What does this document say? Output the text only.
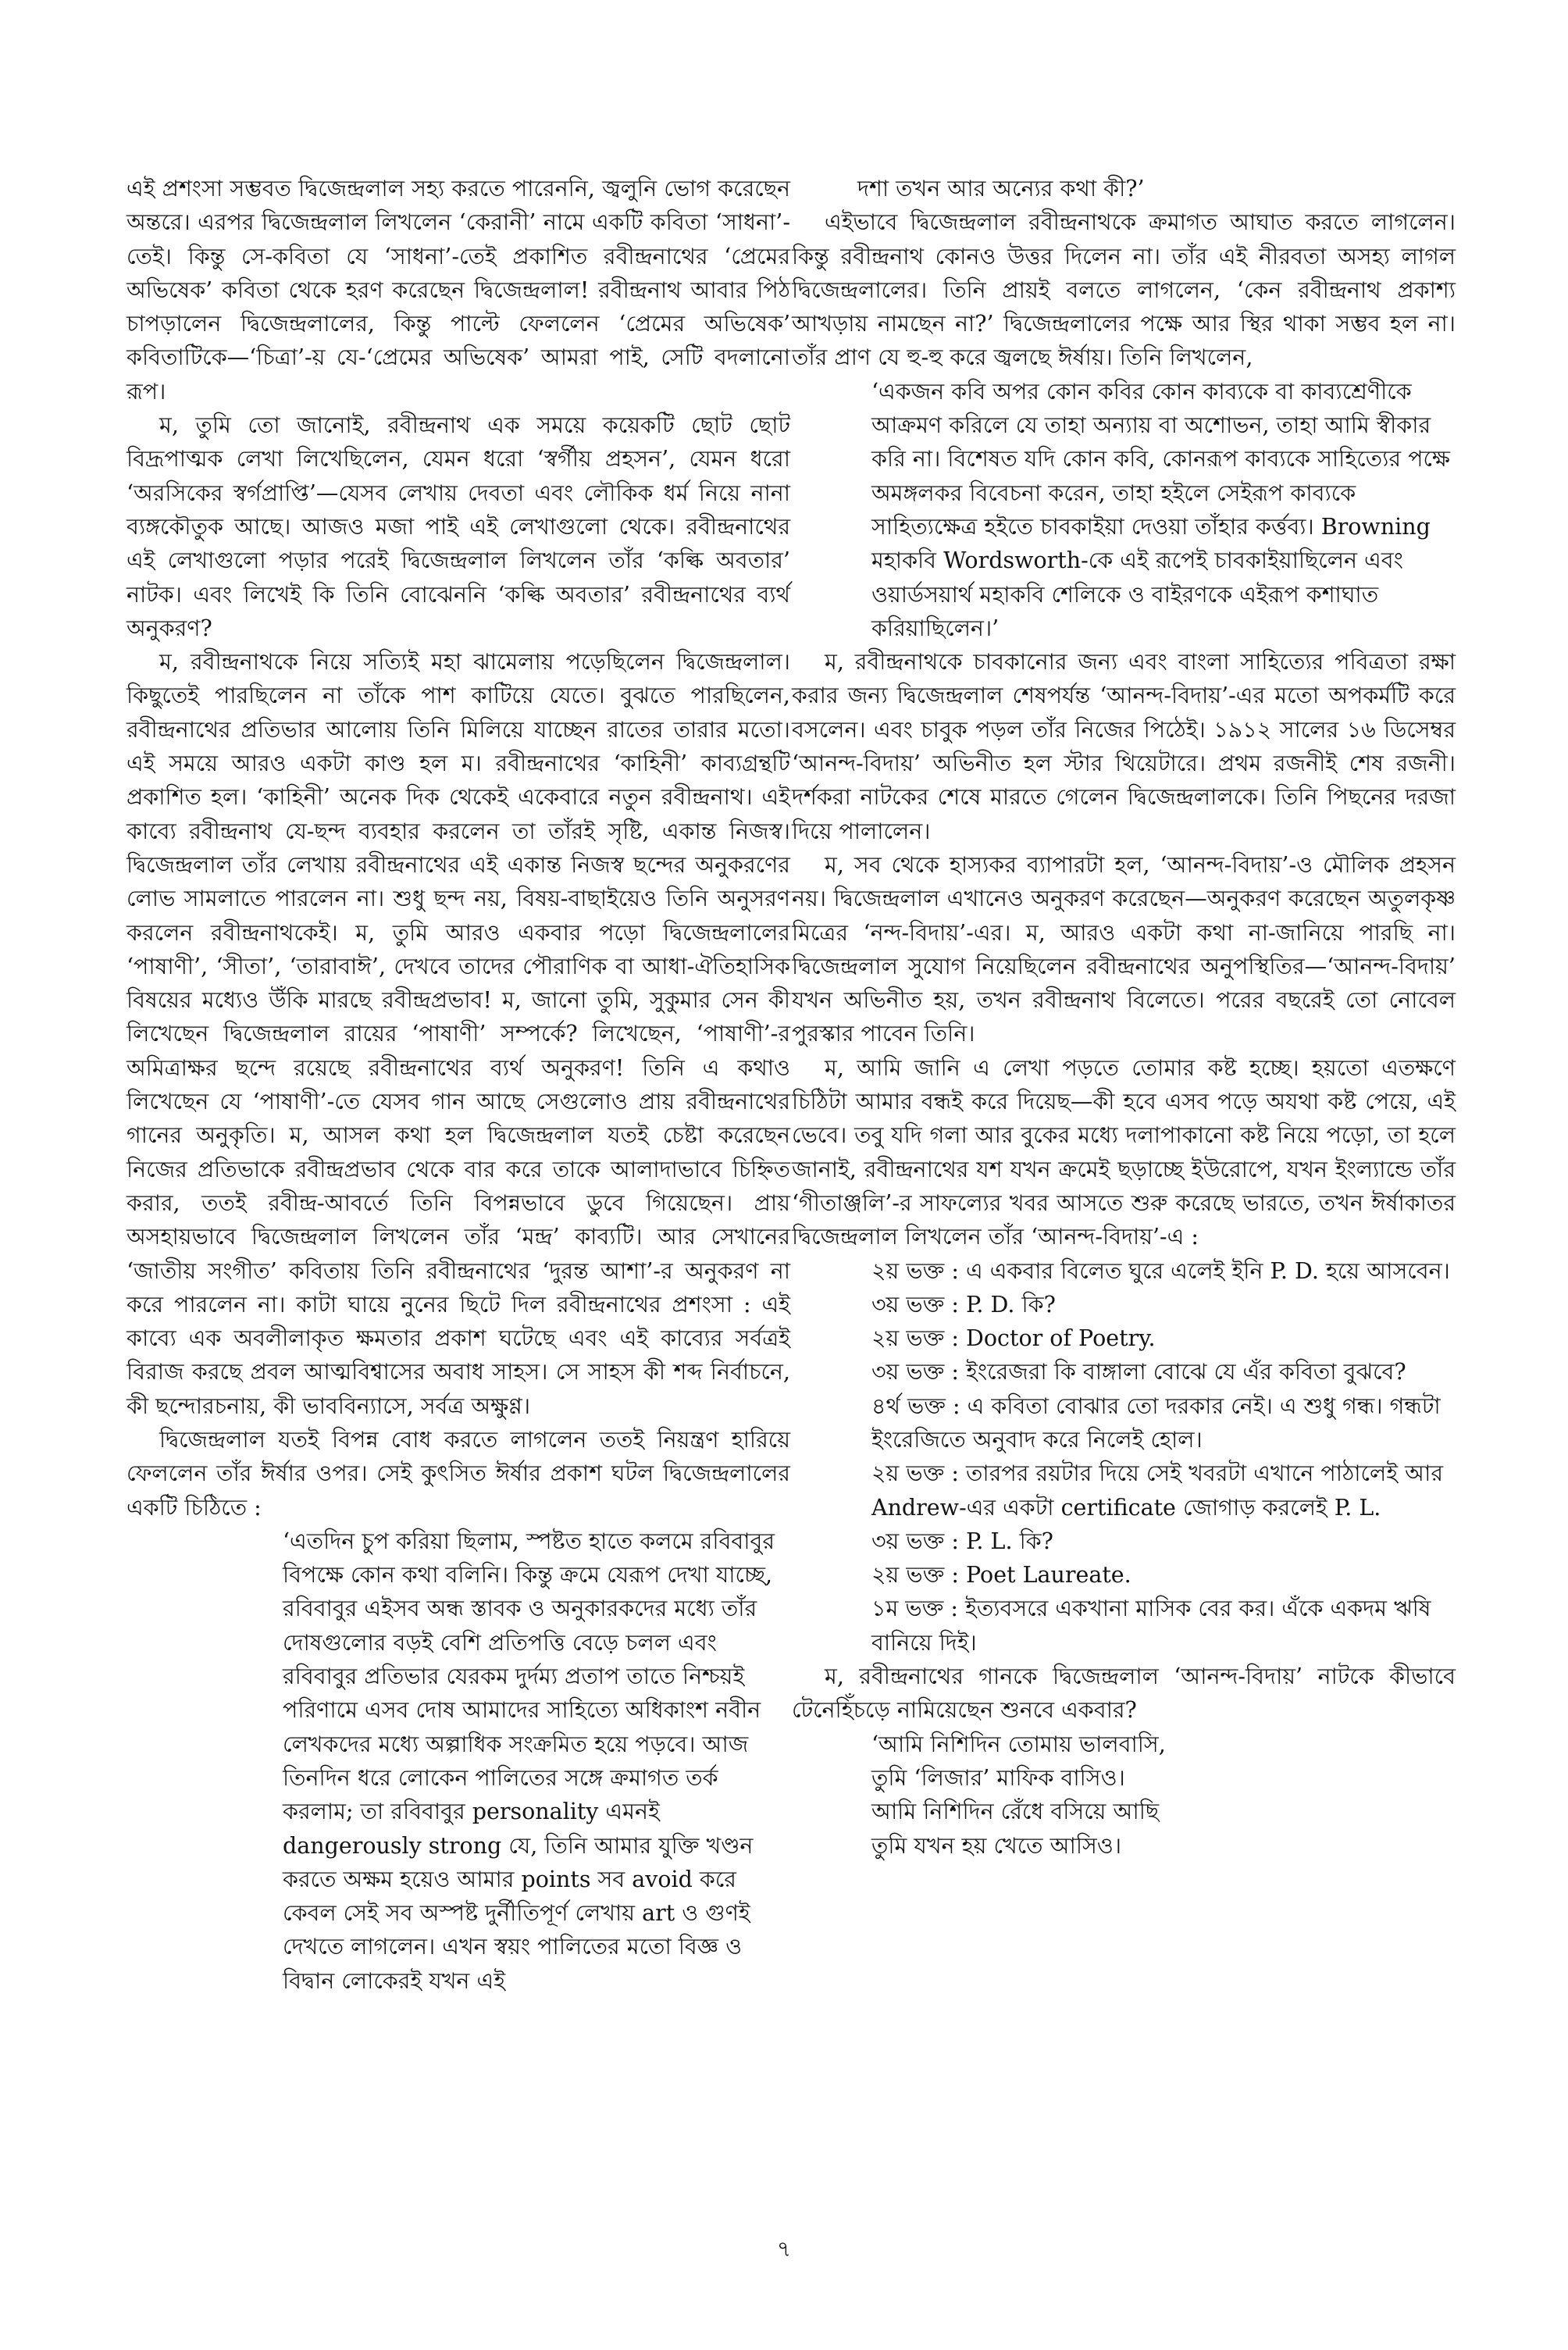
এই প্রশংসা সম্ভবত দ্বিজেন্দ্রলাল সহ্য করতে পারেননি, জ্বলুনি ভোগ করেছেন অন্তরে। এরপর দ্বিজেন্দ্রলাল লিখলেন ‘কেরানী’ নামে একটি কবিতা ‘সাধনা’-তেই। কিন্তু সে-কবিতা যে ‘সাধনা’-তেই প্রকাশিত রবীন্দ্রনাথের ‘প্রেমের অভিষেক’ কবিতা থেকে হরণ করেছেন দ্বিজেন্দ্রলাল! রবীন্দ্রনাথ আবার পিঠ চাপড়ালেন দ্বিজেন্দ্রলালের, কিন্তু পাল্টে ফেললেন ‘প্রেমের অভিষেক’ কবিতাটিকে—‘চিত্রা’-য় যে-‘প্রেমের অভিষেক’ আমরা পাই, সেটি বদলানো রূপ।

ম, তুমি তো জানোই, রবীন্দ্রনাথ এক সময়ে কয়েকটি ছোট ছোট বিদ্রূপাত্মক লেখা লিখেছিলেন, যেমন ধরো ‘স্বর্গীয় প্রহসন’, যেমন ধরো ‘অরসিকের স্বর্গপ্রাপ্তি’—যেসব লেখায় দেবতা এবং লৌকিক ধর্ম নিয়ে নানা ব্যঙ্গকৌতুক আছে। আজও মজা পাই এই লেখাগুলো থেকে। রবীন্দ্রনাথের এই লেখাগুলো পড়ার পরেই দ্বিজেন্দ্রলাল লিখলেন তাঁর ‘কল্কি অবতার’ নাটক। এবং লিখেই কি তিনি বোঝেননি ‘কল্কি অবতার’ রবীন্দ্রনাথের ব্যর্থ অনুকরণ?

ম, রবীন্দ্রনাথকে নিয়ে সত্যিই মহা ঝামেলায় পড়েছিলেন দ্বিজেন্দ্রলাল। কিছুতেই পারছিলেন না তাঁকে পাশ কাটিয়ে যেতে। বুঝতে পারছিলেন, রবীন্দ্রনাথের প্রতিভার আলোয় তিনি মিলিয়ে যাচ্ছেন রাতের তারার মতো। এই সময়ে আরও একটা কাণ্ড হল ম। রবীন্দ্রনাথের ‘কাহিনী’ কাব্যগ্রন্থটি প্রকাশিত হল। ‘কাহিনী’ অনেক দিক থেকেই একেবারে নতুন রবীন্দ্রনাথ। এই কাব্যে রবীন্দ্রনাথ যে-ছন্দ ব্যবহার করলেন তা তাঁরই সৃষ্টি, একান্ত নিজস্ব। দ্বিজেন্দ্রলাল তাঁর লেখায় রবীন্দ্রনাথের এই একান্ত নিজস্ব ছন্দের অনুকরণের লোভ সামলাতে পারলেন না। শুধু ছন্দ নয়, বিষয়-বাছাইয়েও তিনি অনুসরণ করলেন রবীন্দ্রনাথকেই। ম, তুমি আরও একবার পড়ো দ্বিজেন্দ্রলালের ‘পাষাণী’, ‘সীতা’, ‘তারাবাঈ’, দেখবে তাদের পৌরাণিক বা আধা-ঐতিহাসিক বিষয়ের মধ্যেও উঁকি মারছে রবীন্দ্রপ্রভাব! ম, জানো তুমি, সুকুমার সেন কী লিখেছেন দ্বিজেন্দ্রলাল রায়ের ‘পাষাণী’ সম্পর্কে? লিখেছেন, ‘পাষাণী’-র অমিত্রাক্ষর ছন্দে রয়েছে রবীন্দ্রনাথের ব্যর্থ অনুকরণ! তিনি এ কথাও লিখেছেন যে ‘পাষাণী’-তে যেসব গান আছে সেগুলোও প্রায় রবীন্দ্রনাথের গানের অনুকৃতি। ম, আসল কথা হল দ্বিজেন্দ্রলাল যতই চেষ্টা করেছেন নিজের প্রতিভাকে রবীন্দ্রপ্রভাব থেকে বার করে তাকে আলাদাভাবে চিহ্নিত করার, ততই রবীন্দ্র-আবর্তে তিনি বিপন্নভাবে ডুবে গিয়েছেন। প্রায় অসহায়ভাবে দ্বিজেন্দ্রলাল লিখলেন তাঁর ‘মন্দ্র’ কাব্যটি। আর সেখানের ‘জাতীয় সংগীত’ কবিতায় তিনি রবীন্দ্রনাথের ‘দুরন্ত আশা’-র অনুকরণ না করে পারলেন না। কাটা ঘায়ে নুনের ছিটে দিল রবীন্দ্রনাথের প্রশংসা : এই কাব্যে এক অবলীলাকৃত ক্ষমতার প্রকাশ ঘটেছে এবং এই কাব্যের সর্বত্রই বিরাজ করছে প্রবল আত্মবিশ্বাসের অবাধ সাহস। সে সাহস কী শব্দ নির্বাচনে, কী ছন্দোরচনায়, কী ভাববিন্যাসে, সর্বত্র অক্ষুণ্ণ।

দ্বিজেন্দ্রলাল যতই বিপন্ন বোধ করতে লাগলেন ততই নিয়ন্ত্রণ হারিয়ে ফেললেন তাঁর ঈর্ষার ওপর। সেই কুৎসিত ঈর্ষার প্রকাশ ঘটল দ্বিজেন্দ্রলালের একটি চিঠিতে :

‘এতদিন চুপ করিয়া ছিলাম, স্পষ্টত হাতে কলমে রবিবাবুর বিপক্ষে কোন কথা বলিনি। কিন্তু ক্রমে যেরূপ দেখা যাচ্ছে, রবিবাবুর এইসব অন্ধ স্তাবক ও অনুকারকদের মধ্যে তাঁর দোষগুলোর বড়ই বেশি প্রতিপত্তি বেড়ে চলল এবং রবিবাবুর প্রতিভার যেরকম দুর্দম্য প্রতাপ তাতে নিশ্চয়ই পরিণামে এসব দোষ আমাদের সাহিত্যে অধিকাংশ নবীন লেখকদের মধ্যে অল্পাধিক সংক্রমিত হয়ে পড়বে। আজ তিনদিন ধরে লোকেন পালিতের সঙ্গে ক্রমাগত তর্ক করলাম; তা রবিবাবুর personality এমনই dangerously strong যে, তিনি আমার যুক্তি খণ্ডন করতে অক্ষম হয়েও আমার points সব avoid করে কেবল সেই সব অস্পষ্ট দুর্নীতিপূর্ণ লেখায় art ও গুণই দেখতে লাগলেন। এখন স্বয়ং পালিতের মতো বিজ্ঞ ও বিদ্বান লোকেরই যখন এই

দশা তখন আর অন্যের কথা কী?’

এইভাবে দ্বিজেন্দ্রলাল রবীন্দ্রনাথকে ক্রমাগত আঘাত করতে লাগলেন। কিন্তু রবীন্দ্রনাথ কোনও উত্তর দিলেন না। তাঁর এই নীরবতা অসহ্য লাগল দ্বিজেন্দ্রলালের। তিনি প্রায়ই বলতে লাগলেন, ‘কেন রবীন্দ্রনাথ প্রকাশ্য আখড়ায় নামছেন না?’ দ্বিজেন্দ্রলালের পক্ষে আর স্থির থাকা সম্ভব হল না। তাঁর প্রাণ যে হু-হু করে জ্বলছে ঈর্ষায়। তিনি লিখলেন,

‘একজন কবি অপর কোন কবির কোন কাব্যকে বা কাব্যশ্রেণীকে আক্রমণ করিলে যে তাহা অন্যায় বা অশোভন, তাহা আমি স্বীকার করি না। বিশেষত যদি কোন কবি, কোনরূপ কাব্যকে সাহিত্যের পক্ষে অমঙ্গলকর বিবেচনা করেন, তাহা হইলে সেইরূপ কাব্যকে সাহিত্যক্ষেত্র হইতে চাবকাইয়া দেওয়া তাঁহার কর্ত্তব্য। Browning মহাকবি Wordsworth-কে এই রূপেই চাবকাইয়াছিলেন এবং ওয়ার্ডসয়ার্থ মহাকবি শেলিকে ও বাইরণকে এইরূপ কশাঘাত করিয়াছিলেন।’

ম, রবীন্দ্রনাথকে চাবকানোর জন্য এবং বাংলা সাহিত্যের পবিত্রতা রক্ষা করার জন্য দ্বিজেন্দ্রলাল শেষপর্যন্ত ‘আনন্দ-বিদায়’-এর মতো অপকর্মটি করে বসলেন। এবং চাবুক পড়ল তাঁর নিজের পিঠেই। ১৯১২ সালের ১৬ ডিসেম্বর ‘আনন্দ-বিদায়’ অভিনীত হল স্টার থিয়েটারে। প্রথম রজনীই শেষ রজনী। দর্শকরা নাটকের শেষে মারতে গেলেন দ্বিজেন্দ্রলালকে। তিনি পিছনের দরজা দিয়ে পালালেন।

ম, সব থেকে হাস্যকর ব্যাপারটা হল, ‘আনন্দ-বিদায়’-ও মৌলিক প্রহসন নয়। দ্বিজেন্দ্রলাল এখানেও অনুকরণ করেছেন—অনুকরণ করেছেন অতুলকৃষ্ণ মিত্রের ‘নন্দ-বিদায়’-এর। ম, আরও একটা কথা না-জানিয়ে পারছি না। দ্বিজেন্দ্রলাল সুযোগ নিয়েছিলেন রবীন্দ্রনাথের অনুপস্থিতির—‘আনন্দ-বিদায়’ যখন অভিনীত হয়, তখন রবীন্দ্রনাথ বিলেতে। পরের বছরেই তো নোবেল পুরস্কার পাবেন তিনি।

ম, আমি জানি এ লেখা পড়তে তোমার কষ্ট হচ্ছে। হয়তো এতক্ষণে চিঠিটা আমার বন্ধই করে দিয়েছ—কী হবে এসব পড়ে অযথা কষ্ট পেয়ে, এই ভেবে। তবু যদি গলা আর বুকের মধ্যে দলাপাকানো কষ্ট নিয়ে পড়ো, তা হলে জানাই, রবীন্দ্রনাথের যশ যখন ক্রমেই ছড়াচ্ছে ইউরোপে, যখন ইংল্যান্ডে তাঁর ‘গীতাঞ্জলি’-র সাফল্যের খবর আসতে শুরু করেছে ভারতে, তখন ঈর্ষাকাতর দ্বিজেন্দ্রলাল লিখলেন তাঁর ‘আনন্দ-বিদায়’-এ :

২য় ভক্ত : এ একবার বিলেত ঘুরে এলেই ইনি P. D. হয়ে আসবেন।
৩য় ভক্ত : P. D. কি?
২য় ভক্ত : Doctor of Poetry.
৩য় ভক্ত : ইংরেজরা কি বাঙ্গালা বোঝে যে এঁর কবিতা বুঝবে?
৪র্থ ভক্ত : এ কবিতা বোঝার তো দরকার নেই। এ শুধু গন্ধ। গন্ধটা ইংরেজিতে অনুবাদ করে নিলেই হোল।
২য় ভক্ত : তারপর রয়টার দিয়ে সেই খবরটা এখানে পাঠালেই আর Andrew-এর একটা certificate জোগাড় করলেই P. L.
৩য় ভক্ত : P. L. কি?
২য় ভক্ত : Poet Laureate.
১ম ভক্ত : ইত্যবসরে একখানা মাসিক বের কর। এঁকে একদম ঋষি বানিয়ে দিই।

ম, রবীন্দ্রনাথের গানকে দ্বিজেন্দ্রলাল ‘আনন্দ-বিদায়’ নাটকে কীভাবে টেনেহিঁচড়ে নামিয়েছেন শুনবে একবার?

‘আমি নিশিদিন তোমায় ভালবাসি,
তুমি ‘লিজার’ মাফিক বাসিও।
আমি নিশিদিন রেঁধে বসিয়ে আছি
তুমি যখন হয় খেতে আসিও।
৭
